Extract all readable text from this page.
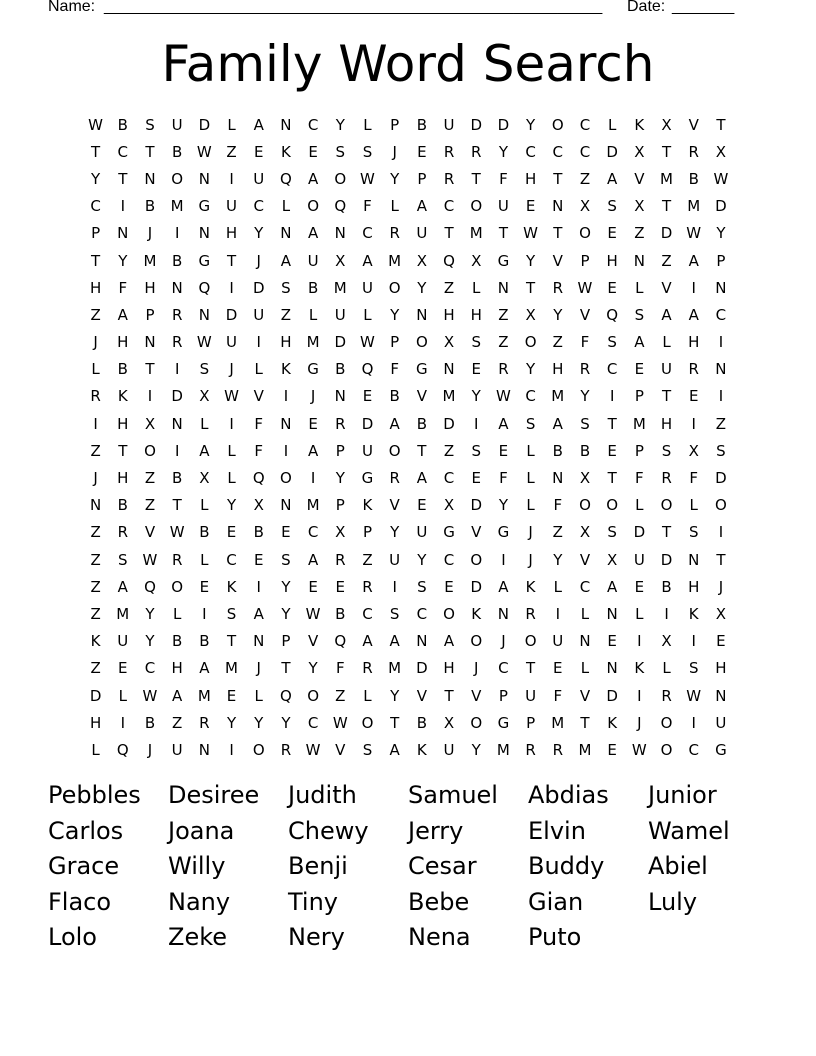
Name: ________________________________________________________ Date: _______
Family Word Search
W B	S	U	D	L	A	N	C	Y	L	P	B	U	D	D	Y	O	C	L	K	X	V	T
T	C	T	B W Z	E	K	E	S	S	J	E	R	R	Y	C	C	C	D	X	T	R	X
Y	T	N	O	N	I	U	Q	A	O W	Y	P	R	T	F	H	T	Z	A	V	M	B W
C	I	B	M G	U	C	L	O	Q	F	L	A	C	O	U	E	N	X	S	X	T	M D
P	N	J	I	N	H	Y	N	A	N	C	R	U	T	M	T	W	T	O	E	Z	D W	Y
T	Y	M	B	G	T	J	A	U	X	A	M	X	Q	X	G	Y	V	P	H	N	Z	A	P
H	F	H	N	Q	I	D	S	B	M	U	O	Y	Z	L	N	T	R W	E	L	V	I	N
Z	A	P	R	N	D	U	Z	L	U	L	Y	N	H	H	Z	X	Y	V	Q	S	A	A	C
J	H	N	R W U	I	H	M D W	P	O	X	S	Z	O	Z	F	S	A	L	H	I
L	B	T	I	S	J	L	K	G	B	Q	F	G	N	E	R	Y	H	R	C	E	U	R	N
R	K	I	D	X W V	I	J	N	E	B	V	M	Y	W C	M	Y	I	P	T	E	I
I	H	X	N	L	I	F	N	E	R	D	A	B	D	I	A	S	A	S	T	M	H	I	Z
Z	T	O	I	A	L	F	I	A	P	U	O	T	Z	S	E	L	B	B	E	P	S	X	S
J	H	Z	B	X	L	Q	O	I	Y	G	R	A	C	E	F	L	N	X	T	F	R	F	D
N	B	Z	T	L	Y	X	N	M	P	K	V	E	X	D	Y	L	F	O	O	L	O	L	O
Z	R	V W B	E	B	E	C	X	P	Y	U	G	V	G	J	Z	X	S	D	T	S	I
Z	S	W R	L	C	E	S	A	R	Z	U	Y	C	O	I	J	Y	V	X	U	D	N	T
Z	A	Q	O	E	K	I	Y	E	E	R	I	S	E	D	A	K	L	C	A	E	B	H	J
Z	M	Y	L	I	S	A	Y	W B	C	S	C	O	K	N	R	I	L	N	L	I	K	X
K	U	Y	B	B	T	N	P	V	Q	A	A	N	A	O	J	O	U	N	E	I	X	I	E
Z	E	C	H	A	M	J	T	Y	F	R	M D	H	J	C	T	E	L	N	K	L	S	H
D	L	W A	M	E	L	Q	O	Z	L	Y	V	T	V	P	U	F	V	D	I	R W N
H	I	B	Z	R	Y	Y	Y	C W O	T	B	X	O	G	P	M	T	K	J	O	I	U
L	Q	J	U	N	I	O	R W V	S	A	K	U	Y	M	R	R	M	E	W O	C	G
Pebbles	Desiree	Judith	Samuel	Abdias	Junior
Carlos	Joana	Chewy	Jerry	Elvin	Wamel
Grace	Willy	Benji	Cesar	Buddy	Abiel
Flaco	Nany	Tiny	Bebe	Gian	Luly
Lolo	Zeke	Nery	Nena	Puto
